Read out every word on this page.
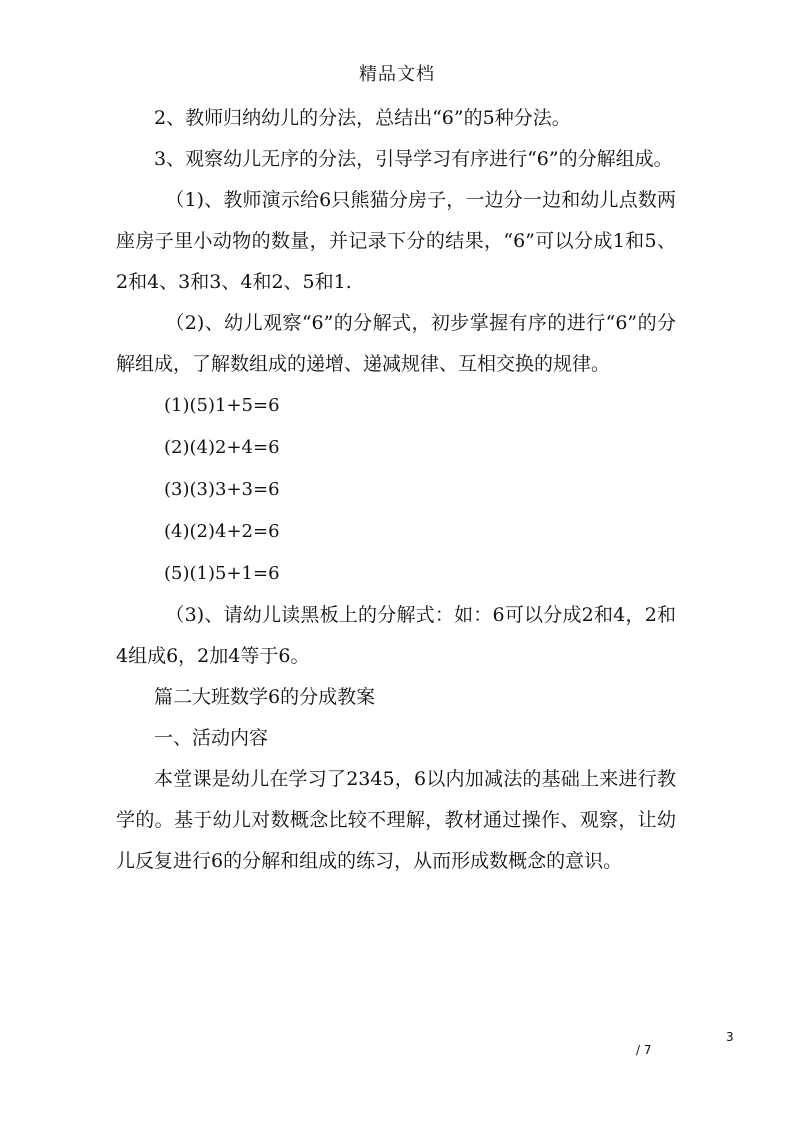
精品文档

2、教师归纳幼儿的分法，总结出“6”的5种分法。

3、观察幼儿无序的分法，引导学习有序进行“6”的分解组成。

（1)、教师演示给6只熊猫分房子，一边分一边和幼儿点数两座房子里小动物的数量，并记录下分的结果，“6”可以分成1和5、2和4、3和3、4和2、5和1.

（2)、幼儿观察“6”的分解式，初步掌握有序的进行“6”的分解组成，了解数组成的递增、递减规律、互相交换的规律。

(1)(5)1+5=6

(2)(4)2+4=6

(3)(3)3+3=6

(4)(2)4+2=6

(5)(1)5+1=6

（3)、请幼儿读黑板上的分解式：如：6可以分成2和4，2和4组成6，2加4等于6。

篇二大班数学6的分成教案

一、活动内容

本堂课是幼儿在学习了2345，6以内加减法的基础上来进行教学的。基于幼儿对数概念比较不理解，教材通过操作、观察，让幼儿反复进行6的分解和组成的练习，从而形成数概念的意识。

3
/ 7
